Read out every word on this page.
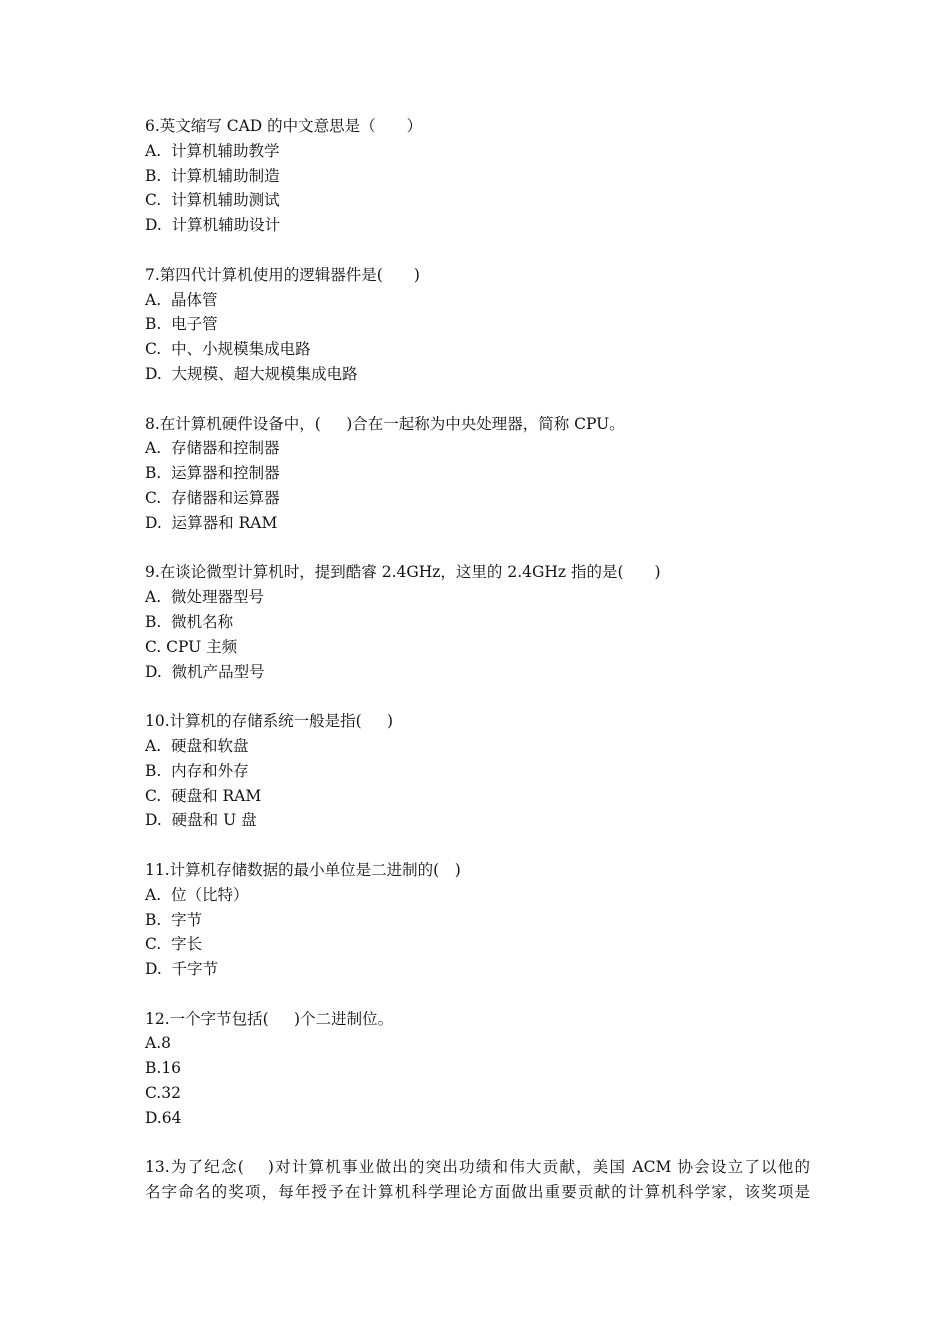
6.英文缩写 CAD 的中文意思是（　　）
A.  计算机辅助教学
B.  计算机辅助制造
C.  计算机辅助测试
D.  计算机辅助设计
7.第四代计算机使用的逻辑器件是(　　)
A.  晶体管
B.  电子管
C.  中、小规模集成电路
D.  大规模、超大规模集成电路
8.在计算机硬件设备中，(　  )合在一起称为中央处理器，简称 CPU。
A.  存储器和控制器
B.  运算器和控制器
C.  存储器和运算器
D.  运算器和 RAM
9.在谈论微型计算机时，提到酷睿 2.4GHz，这里的 2.4GHz 指的是(　　)
A.  微处理器型号
B.  微机名称
C. CPU 主频
D.  微机产品型号
10.计算机的存储系统一般是指(　  )
A.  硬盘和软盘
B.  内存和外存
C.  硬盘和 RAM
D.  硬盘和 U 盘
11.计算机存储数据的最小单位是二进制的(　)
A.  位（比特）
B.  字节
C.  字长
D.  千字节
12.一个字节包括(　  )个二进制位。
A.8
B.16
C.32
D.64
13.为了纪念(　 )对计算机事业做出的突出功绩和伟大贡献，美国 ACM 协会设立了以他的
名字命名的奖项，每年授予在计算机科学理论方面做出重要贡献的计算机科学家，该奖项是
